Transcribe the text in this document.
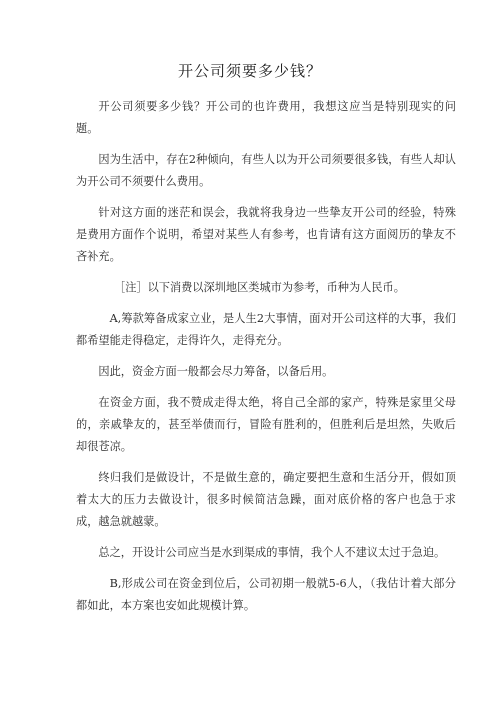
开公司须要多少钱？

开公司须要多少钱？开公司的也许费用，我想这应当是特别现实的问题。

因为生活中，存在2种倾向，有些人以为开公司须要很多钱，有些人却认为开公司不须要什么费用。

针对这方面的迷茫和误会，我就将我身边一些挚友开公司的经验，特殊是费用方面作个说明，希望对某些人有参考，也肯请有这方面阅历的挚友不吝补充。

［注］以下消费以深圳地区类城市为参考，币种为人民币。

A,筹款筹备成家立业，是人生2大事情，面对开公司这样的大事，我们都希望能走得稳定，走得许久，走得充分。

因此，资金方面一般都会尽力筹备，以备后用。

在资金方面，我不赞成走得太绝，将自己全部的家产，特殊是家里父母的，亲戚挚友的，甚至举债而行，冒险有胜利的，但胜利后是坦然，失败后却很苍凉。

终归我们是做设计，不是做生意的，确定要把生意和生活分开，假如顶着太大的压力去做设计，很多时候简洁急躁，面对底价格的客户也急于求成，越急就越蒙。

总之，开设计公司应当是水到渠成的事情，我个人不建议太过于急迫。

B,形成公司在资金到位后，公司初期一般就5-6人，（我估计着大部分都如此，本方案也安如此规模计算。
